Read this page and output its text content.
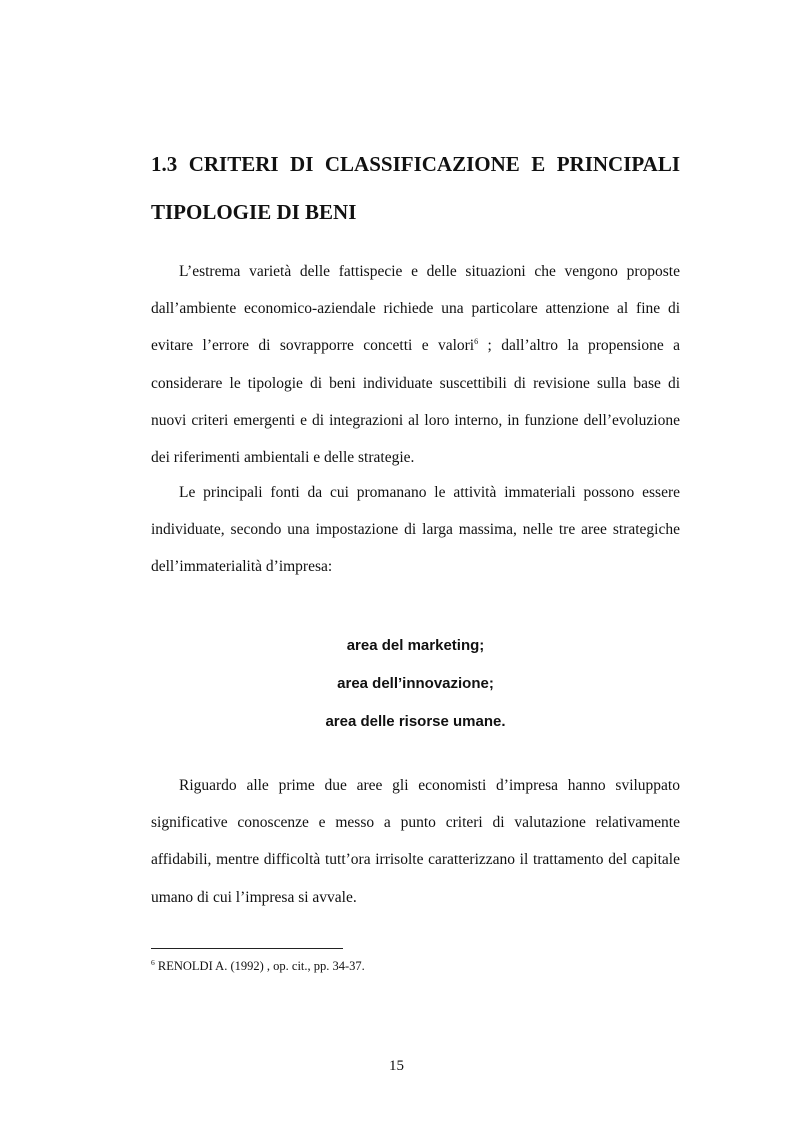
1.3 CRITERI DI CLASSIFICAZIONE E PRINCIPALI
TIPOLOGIE DI BENI

L’estrema varietà delle fattispecie e delle situazioni che vengono proposte dall’ambiente economico-aziendale richiede una particolare attenzione al fine di evitare l’errore di sovrapporre concetti e valori$^6$ ; dall’altro la propensione a considerare le tipologie di beni individuate suscettibili di revisione sulla base di nuovi criteri emergenti e di integrazioni al loro interno, in funzione dell’evoluzione dei riferimenti ambientali e delle strategie.

Le principali fonti da cui promanano le attività immateriali possono essere individuate, secondo una impostazione di larga massima, nelle tre aree strategiche dell’immaterialità d’impresa:

area del marketing;
area dell’innovazione;
area delle risorse umane.

Riguardo alle prime due aree gli economisti d’impresa hanno sviluppato significative conoscenze e messo a punto criteri di valutazione relativamente affidabili, mentre difficoltà tutt’ora irrisolte caratterizzano il trattamento del capitale umano di cui l’impresa si avvale.

$^6$ RENOLDI A. (1992) , op. cit., pp. 34-37.

15
